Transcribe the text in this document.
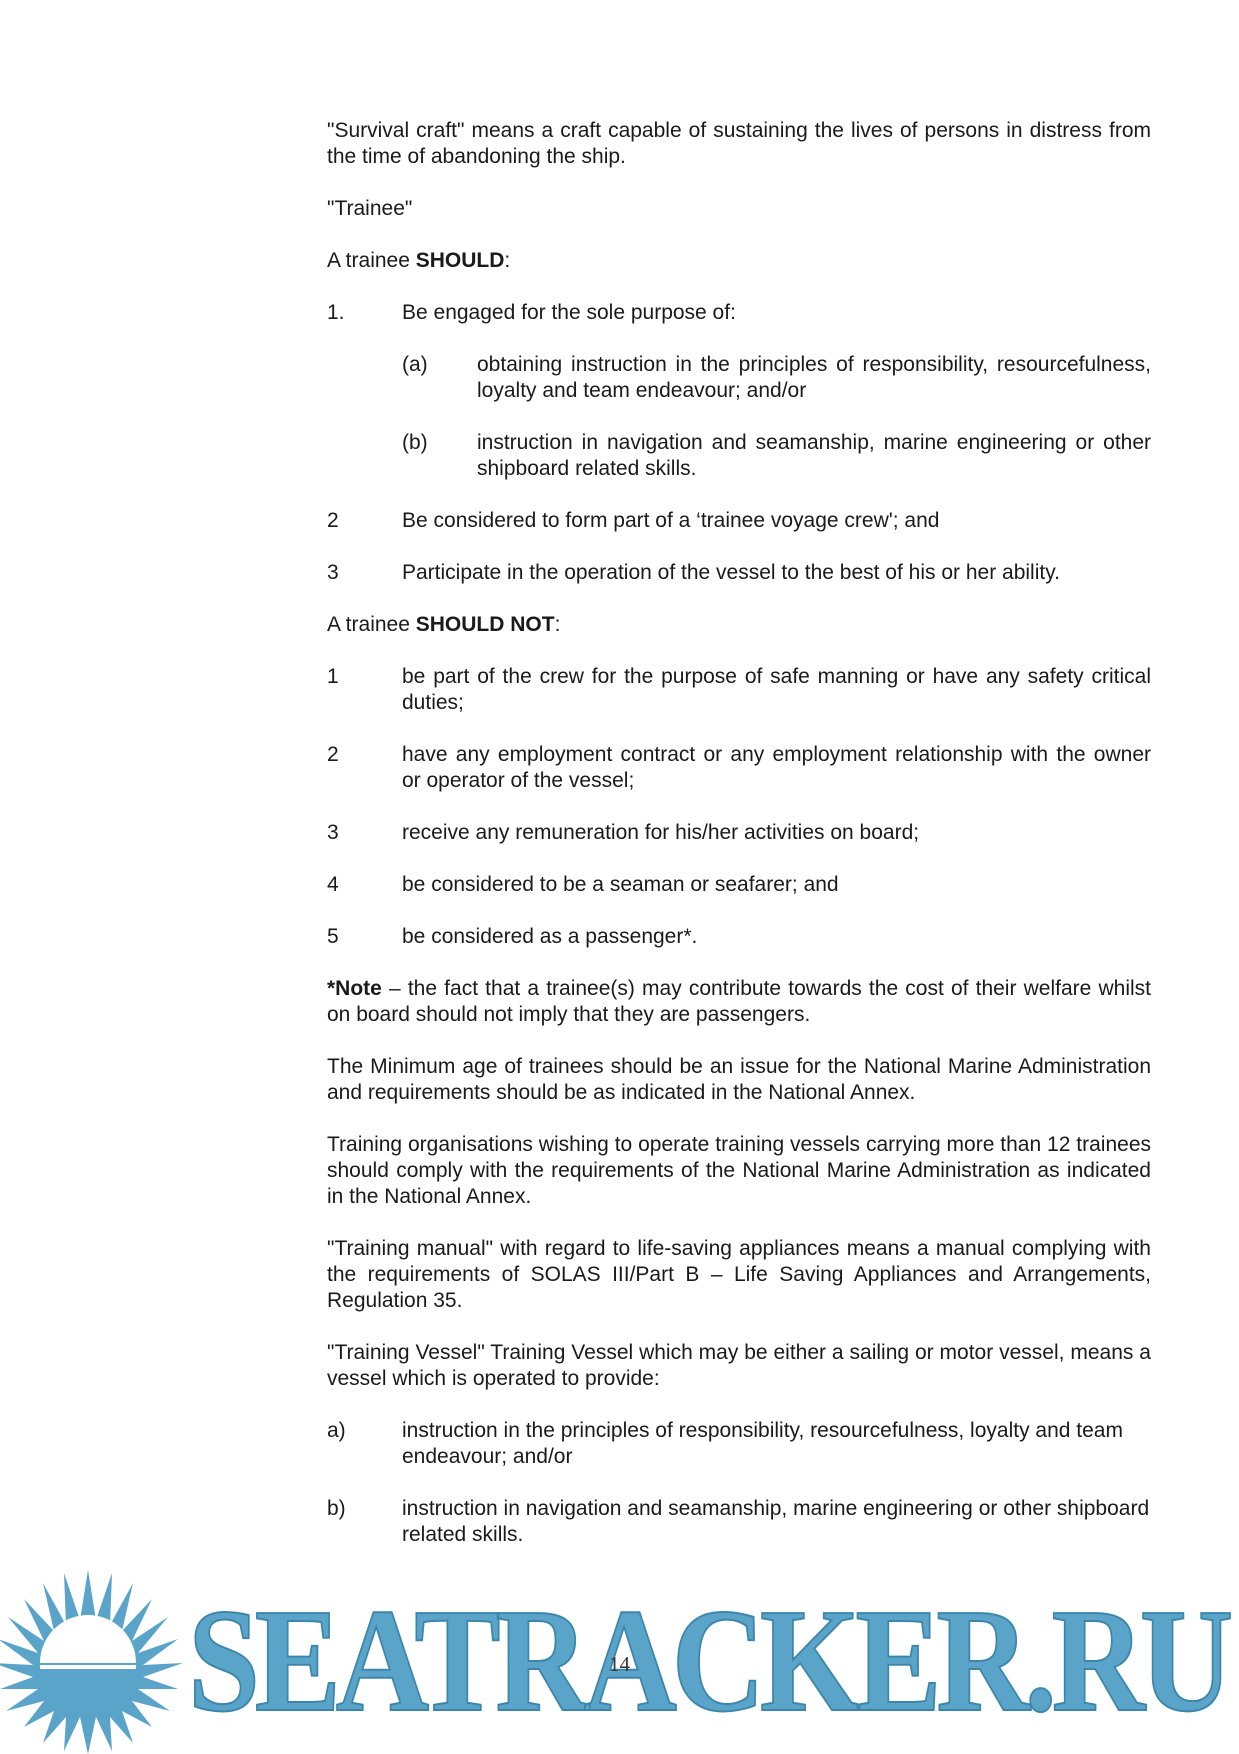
"Survival craft" means a craft capable of sustaining the lives of persons in distress from the time of abandoning the ship.

"Trainee"

A trainee SHOULD:

1.	Be engaged for the sole purpose of:
(a)	obtaining instruction in the principles of responsibility, resourcefulness, loyalty and team endeavour; and/or
(b)	instruction in navigation and seamanship, marine engineering or other shipboard related skills.
2	Be considered to form part of a ‘trainee voyage crew'; and
3	Participate in the operation of the vessel to the best of his or her ability.

A trainee SHOULD NOT:

1	be part of the crew for the purpose of safe manning or have any safety critical duties;
2	have any employment contract or any employment relationship with the owner or operator of the vessel;
3	receive any remuneration for his/her activities on board;
4	be considered to be a seaman or seafarer; and
5	be considered as a passenger*.

*Note – the fact that a trainee(s) may contribute towards the cost of their welfare whilst on board should not imply that they are passengers.

The Minimum age of trainees should be an issue for the National Marine Administration and requirements should be as indicated in the National Annex.

Training organisations wishing to operate training vessels carrying more than 12 trainees should comply with the requirements of the National Marine Administration as indicated in the National Annex.

"Training manual" with regard to life-saving appliances means a manual complying with the requirements of SOLAS III/Part B – Life Saving Appliances and Arrangements, Regulation 35.

"Training Vessel" Training Vessel which may be either a sailing or motor vessel, means a vessel which is operated to provide:

a)	instruction in the principles of responsibility, resourcefulness, loyalty and team endeavour; and/or
b)	instruction in navigation and seamanship, marine engineering or other shipboard related skills.
SEATRACKER.RU
14
